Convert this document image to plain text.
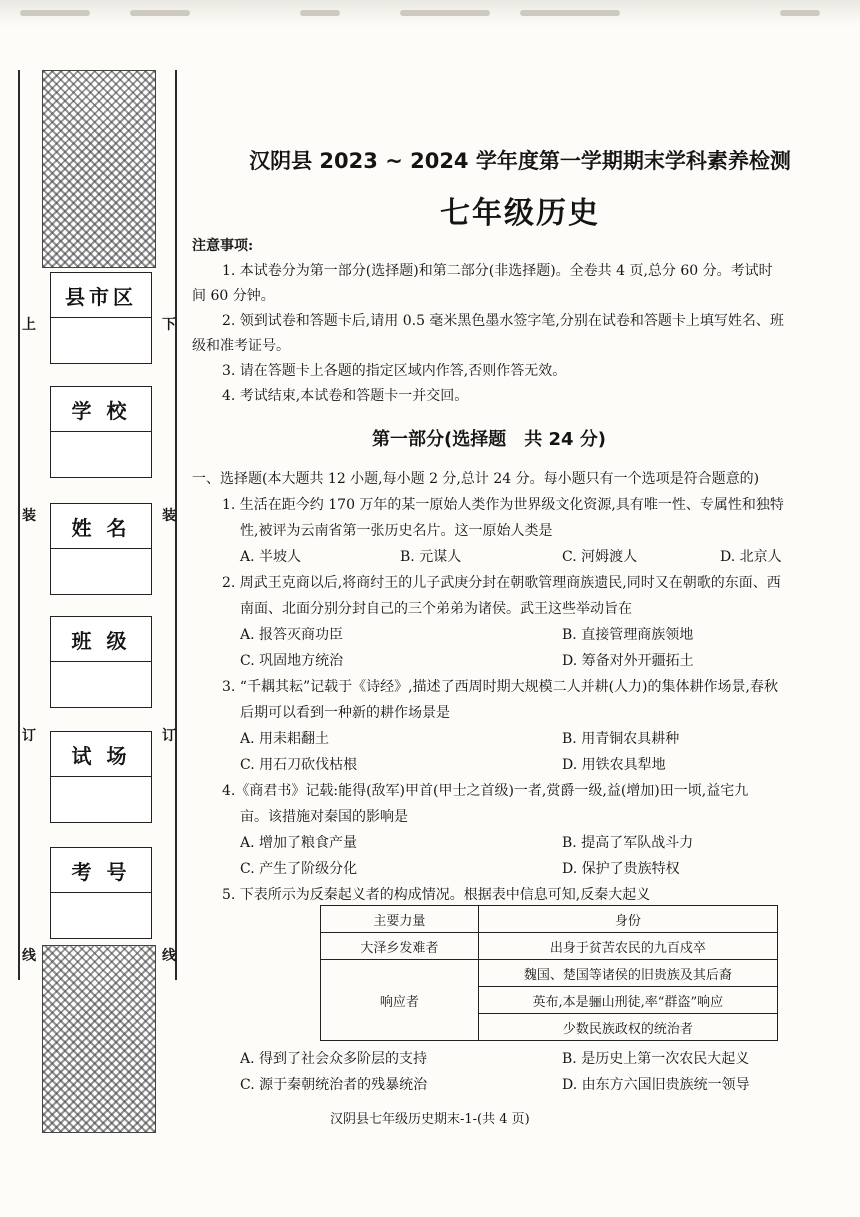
上	下
装	装
订	订
线	线
县市区
学 校
姓 名
班 级
试 场
考 号
汉阴县 2023 ~ 2024 学年度第一学期期末学科素养检测
七年级历史
注意事项:
1. 本试卷分为第一部分(选择题)和第二部分(非选择题)。全卷共 4 页,总分 60 分。考试时
间 60 分钟。
2. 领到试卷和答题卡后,请用 0.5 毫米黑色墨水签字笔,分别在试卷和答题卡上填写姓名、班
级和准考证号。
3. 请在答题卡上各题的指定区域内作答,否则作答无效。
4. 考试结束,本试卷和答题卡一并交回。
第一部分(选择题　共 24 分)
一、选择题(本大题共 12 小题,每小题 2 分,总计 24 分。每小题只有一个选项是符合题意的)
1. 生活在距今约 170 万年的某一原始人类作为世界级文化资源,具有唯一性、专属性和独特
性,被评为云南省第一张历史名片。这一原始人类是
A. 半坡人	B. 元谋人	C. 河姆渡人	D. 北京人
2. 周武王克商以后,将商纣王的儿子武庚分封在朝歌管理商族遗民,同时又在朝歌的东面、西
南面、北面分别分封自己的三个弟弟为诸侯。武王这些举动旨在
A. 报答灭商功臣	B. 直接管理商族领地
C. 巩固地方统治	D. 筹备对外开疆拓土
3. “千耦其耘”记载于《诗经》,描述了西周时期大规模二人并耕(人力)的集体耕作场景,春秋
后期可以看到一种新的耕作场景是
A. 用耒耜翻土	B. 用青铜农具耕种
C. 用石刀砍伐枯根	D. 用铁农具犁地
4.《商君书》记载:能得(敌军)甲首(甲士之首级)一者,赏爵一级,益(增加)田一顷,益宅九
亩。该措施对秦国的影响是
A. 增加了粮食产量	B. 提高了军队战斗力
C. 产生了阶级分化	D. 保护了贵族特权
5. 下表所示为反秦起义者的构成情况。根据表中信息可知,反秦大起义
主要力量	身份
大泽乡发难者	出身于贫苦农民的九百戍卒
响应者	魏国、楚国等诸侯的旧贵族及其后裔
	英布,本是骊山刑徒,率“群盗”响应
	少数民族政权的统治者
A. 得到了社会众多阶层的支持	B. 是历史上第一次农民大起义
C. 源于秦朝统治者的残暴统治	D. 由东方六国旧贵族统一领导
汉阴县七年级历史期末-1-(共 4 页)
